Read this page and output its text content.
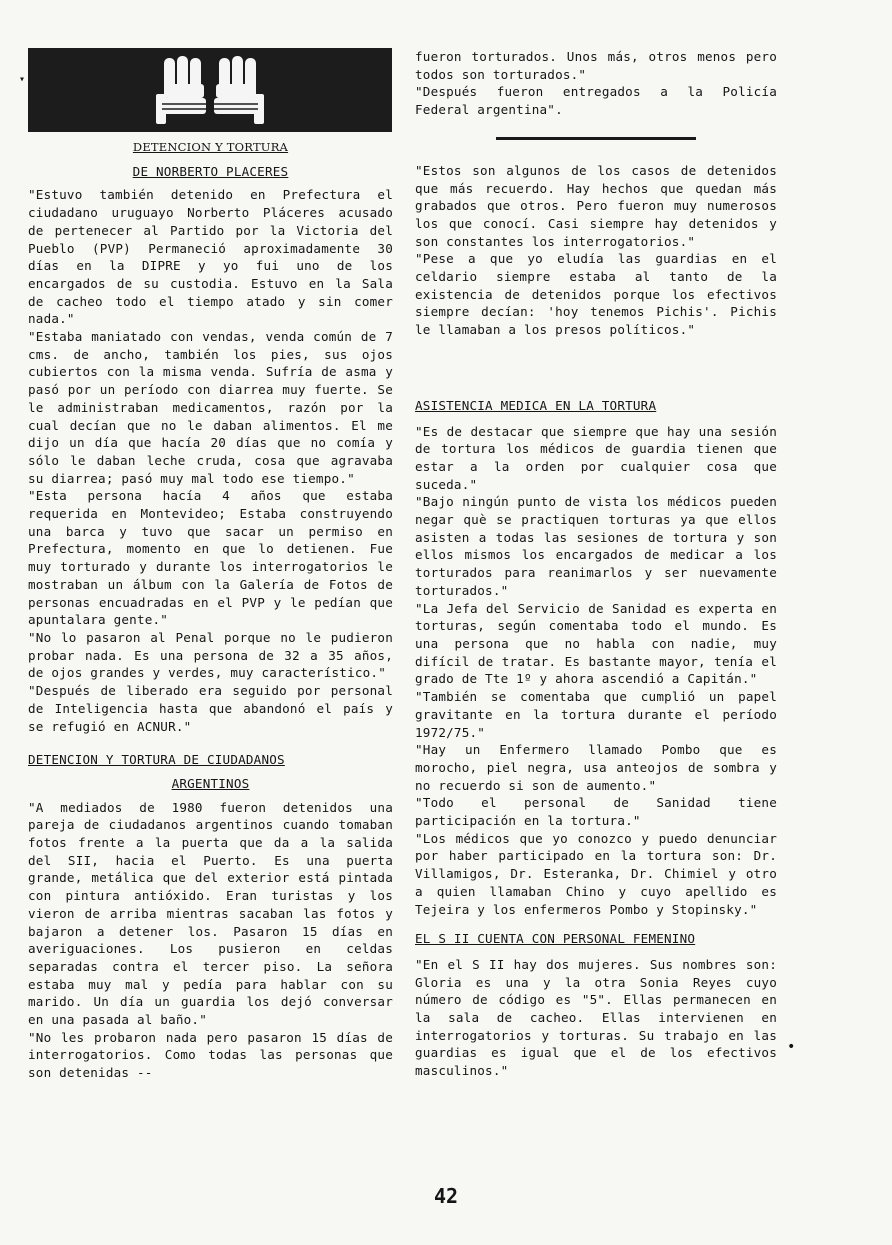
▾
DETENCION Y TORTURA
DE NORBERTO PLACERES

"Estuvo también detenido en Prefectura el ciudadano uruguayo Norberto Pláceres acusado de pertenecer al Partido por la Victoria del Pueblo (PVP) Permaneció aproximadamente 30 días en la DIPRE y yo fui uno de los encargados de su custodia. Estuvo en la Sala de cacheo todo el tiempo atado y sin comer nada."

"Estaba maniatado con vendas, venda común de 7 cms. de ancho, también los pies, sus ojos cubiertos con la misma venda. Sufría de asma y pasó por un período con diarrea muy fuerte. Se le administraban medicamentos, razón por la cual decían que no le daban alimentos. El me dijo un día que hacía 20 días que no comía y sólo le daban leche cruda, cosa que agravaba su diarrea; pasó muy mal todo ese tiempo."

"Esta persona hacía 4 años que estaba requerida en Montevideo; Estaba construyendo una barca y tuvo que sacar un permiso en Prefectura, momento en que lo detienen. Fue muy torturado y durante los interrogatorios le mostraban un álbum con la Galería de Fotos de personas encuadradas en el PVP y le pedían que apuntalara gente."

"No lo pasaron al Penal porque no le pudieron probar nada. Es una persona de 32 a 35 años, de ojos grandes y verdes, muy característico."

"Después de liberado era seguido por personal de Inteligencia hasta que abandonó el país y se refugió en ACNUR."

DETENCION Y TORTURA DE CIUDADANOS
ARGENTINOS

"A mediados de 1980 fueron detenidos una pareja de ciudadanos argentinos cuando tomaban fotos frente a la puerta que da a la salida del SII, hacia el Puerto. Es una puerta grande, metálica que del exterior está pintada con pintura antióxido. Eran turistas y los vieron de arriba mientras sacaban las fotos y bajaron a detener los. Pasaron 15 días en averiguaciones. Los pusieron en celdas separadas contra el tercer piso. La señora estaba muy mal y pedía para hablar con su marido. Un día un guardia los dejó conversar en una pasada al baño."

"No les probaron nada pero pasaron 15 días de interrogatorios. Como todas las personas que son detenidas --

fueron torturados. Unos más, otros menos pero todos son torturados."

"Después fueron entregados a la Policía Federal argentina".

"Estos son algunos de los casos de detenidos que más recuerdo. Hay hechos que quedan más grabados que otros. Pero fueron muy numerosos los que conocí. Casi siempre hay detenidos y son constantes los interrogatorios."

"Pese a que yo eludía las guardias en el celdario siempre estaba al tanto de la existencia de detenidos porque los efectivos siempre decían: 'hoy tenemos Pichis'. Pichis le llamaban a los presos políticos."

ASISTENCIA MEDICA EN LA TORTURA

"Es de destacar que siempre que hay una sesión de tortura los médicos de guardia tienen que estar a la orden por cualquier cosa que suceda."

"Bajo ningún punto de vista los médicos pueden negar què se practiquen torturas ya que ellos asisten a todas las sesiones de tortura y son ellos mismos los encargados de medicar a los torturados para reanimarlos y ser nuevamente torturados."

"La Jefa del Servicio de Sanidad es experta en torturas, según comentaba todo el mundo. Es una persona que no habla con nadie, muy difícil de tratar. Es bastante mayor, tenía el grado de Tte 1º y ahora ascendió a Capitán."

"También se comentaba que cumplió un papel gravitante en la tortura durante el período 1972/75."

"Hay un Enfermero llamado Pombo que es morocho, piel negra, usa anteojos de sombra y no recuerdo si son de aumento."

"Todo el personal de Sanidad tiene participación en la tortura."

"Los médicos que yo conozco y puedo denunciar por haber participado en la tortura son: Dr. Villamigos, Dr. Esteranka, Dr. Chimiel y otro a quien llamaban Chino y cuyo apellido es Tejeira y los enfermeros Pombo y Stopinsky."

EL S II CUENTA CON PERSONAL FEMENINO

"En el S II hay dos mujeres. Sus nombres son: Gloria es una y la otra Sonia Reyes cuyo número de código es "5". Ellas permanecen en la sala de cacheo. Ellas intervienen en interrogatorios y torturas. Su trabajo en las guardias es igual que el de los efectivos masculinos."

•
42
